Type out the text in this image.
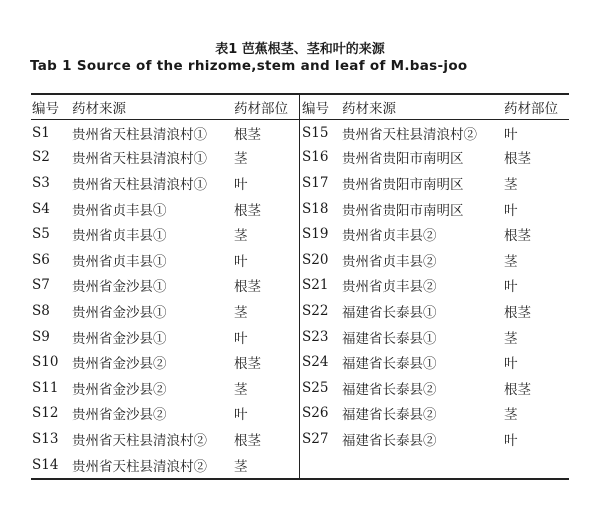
表1 芭蕉根茎、茎和叶的来源
Tab 1 Source of the rhizome,stem and leaf of M.bas-joo
编号	药材来源	药材部位
S1	贵州省天柱县清浪村①	根茎
S2	贵州省天柱县清浪村①	茎
S3	贵州省天柱县清浪村①	叶
S4	贵州省贞丰县①	根茎
S5	贵州省贞丰县①	茎
S6	贵州省贞丰县①	叶
S7	贵州省金沙县①	根茎
S8	贵州省金沙县①	茎
S9	贵州省金沙县①	叶
S10	贵州省金沙县②	根茎
S11	贵州省金沙县②	茎
S12	贵州省金沙县②	叶
S13	贵州省天柱县清浪村②	根茎
S14	贵州省天柱县清浪村②	茎
编号	药材来源	药材部位
S15	贵州省天柱县清浪村②	叶
S16	贵州省贵阳市南明区	根茎
S17	贵州省贵阳市南明区	茎
S18	贵州省贵阳市南明区	叶
S19	贵州省贞丰县②	根茎
S20	贵州省贞丰县②	茎
S21	贵州省贞丰县②	叶
S22	福建省长泰县①	根茎
S23	福建省长泰县①	茎
S24	福建省长泰县①	叶
S25	福建省长泰县②	根茎
S26	福建省长泰县②	茎
S27	福建省长泰县②	叶
